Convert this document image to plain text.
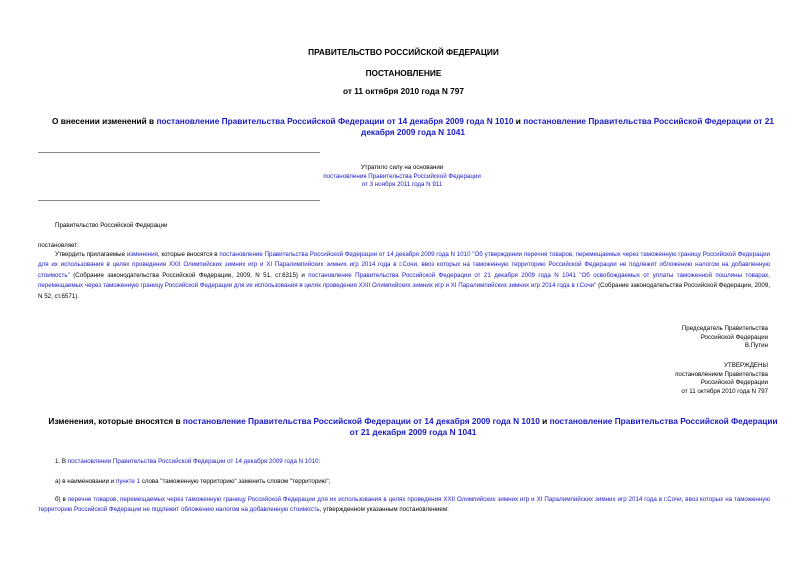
ПРАВИТЕЛЬСТВО РОССИЙСКОЙ ФЕДЕРАЦИИ
ПОСТАНОВЛЕНИЕ
от 11 октября 2010 года N 797
О внесении изменений в постановление Правительства Российской Федерации от 14 декабря 2009 года N 1010 и постановление Правительства Российской Федерации от 21 декабря 2009 года N 1041
Утратило силу на основании
постановления Правительства Российской Федерации
от 3 ноября 2011 года N 911
Правительство Российской Федерации
постановляет:
Утвердить прилагаемые изменения, которые вносятся в постановление Правительства Российской Федерации от 14 декабря 2009 года N 1010 "Об утверждении перечня товаров, перемещаемых через таможенную границу Российской Федерации для их использования в целях проведения XXII Олимпийских зимних игр и XI Паралимпийских зимних игр 2014 года в г.Сочи, ввоз которых на таможенную территорию Российской Федерации не подлежит обложению налогом на добавленную стоимость" (Собрание законодательства Российской Федерации, 2009, N 51, ст.6315) и постановление Правительства Российской Федерации от 21 декабря 2009 года N 1041 "Об освобождаемых от уплаты таможенной пошлины товарах, перемещаемых через таможенную границу Российской Федерации для их использования в целях проведения XXII Олимпийских зимних игр и XI Паралимпийских зимних игр 2014 года в г.Сочи" (Собрание законодательства Российской Федерации, 2009, N 52, ст.6571).
Председатель Правительства
Российской Федерации
В.Путин
УТВЕРЖДЕНЫ
постановлением Правительства
Российской Федерации
от 11 октября 2010 года N 797
Изменения, которые вносятся в постановление Правительства Российской Федерации от 14 декабря 2009 года N 1010 и постановление Правительства Российской Федерации от 21 декабря 2009 года N 1041
1. В постановлении Правительства Российской Федерации от 14 декабря 2009 года N 1010:
а) в наименовании и пункте 1 слова "таможенную территорию" заменить словом "территорию";
б) в перечне товаров, перемещаемых через таможенную границу Российской Федерации для их использования в целях проведения XXII Олимпийских зимних игр и XI Паралимпийских зимних игр 2014 года в г.Сочи, ввоз которых на таможенную территорию Российской Федерации не подлежит обложению налогом на добавленную стоимость, утвержденном указанным постановлением:
